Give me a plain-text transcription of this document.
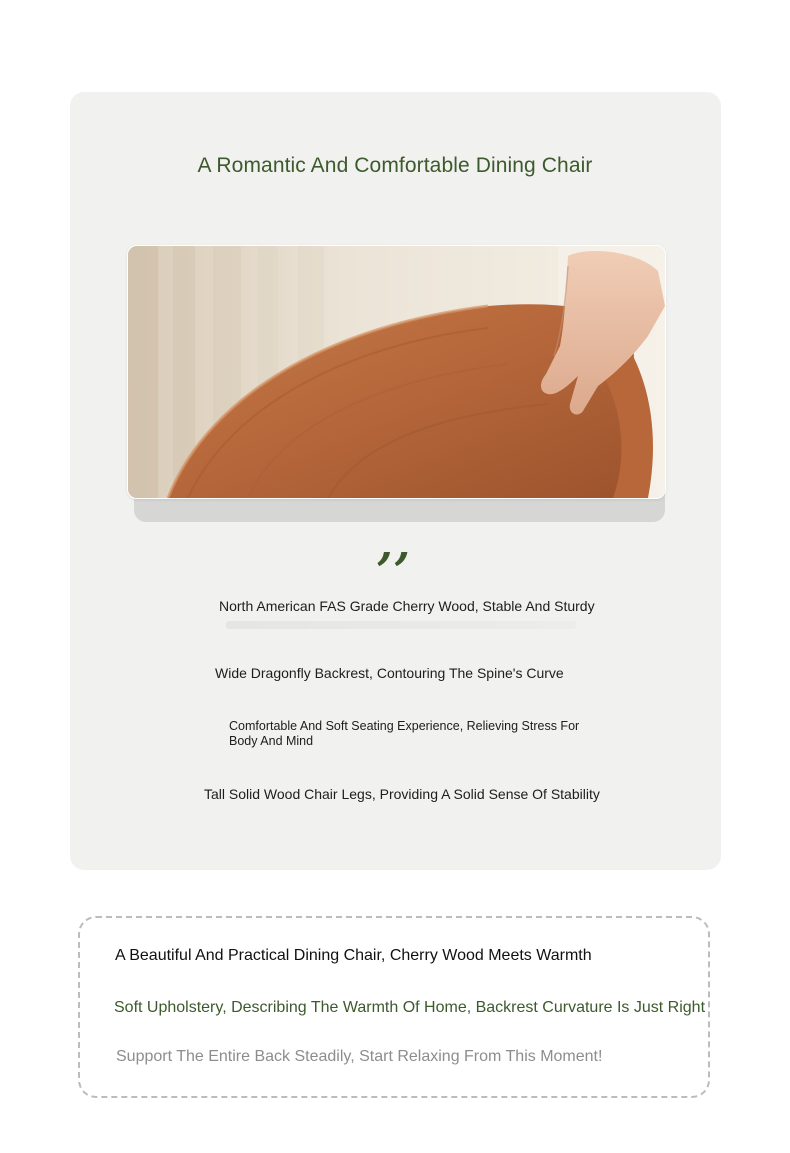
A Romantic And Comfortable Dining Chair
,,
North American FAS Grade Cherry Wood, Stable And Sturdy
Wide Dragonfly Backrest, Contouring The Spine's Curve
Comfortable And Soft Seating Experience, Relieving Stress For Body And Mind
Tall Solid Wood Chair Legs, Providing A Solid Sense Of Stability
A Beautiful And Practical Dining Chair, Cherry Wood Meets Warmth
Soft Upholstery, Describing The Warmth Of Home, Backrest Curvature Is Just Right
Support The Entire Back Steadily, Start Relaxing From This Moment!
